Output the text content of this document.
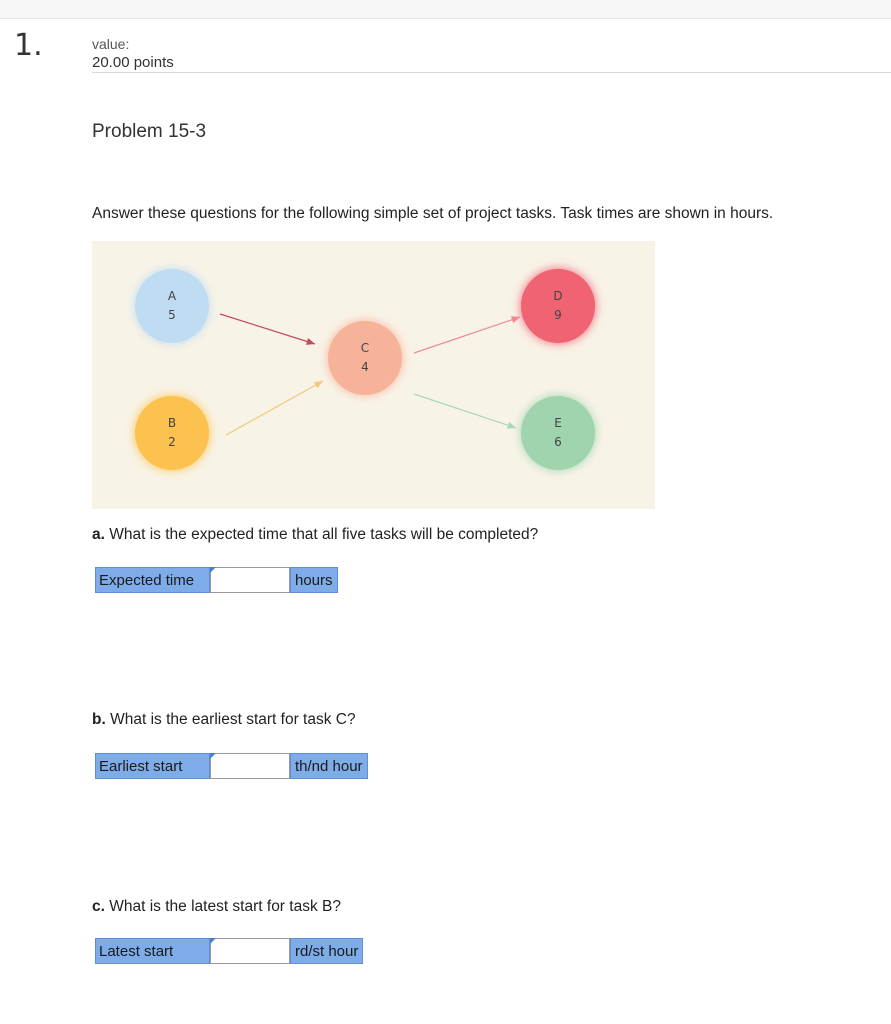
1.	value:
20.00 points
Problem 15-3
Answer these questions for the following simple set of project tasks. Task times are shown in hours.
A
5
B
2
C
4
D
9
E
6
a. What is the expected time that all five tasks will be completed?
Expected time	hours
b. What is the earliest start for task C?
Earliest start	th/nd hour
c. What is the latest start for task B?
Latest start	rd/st hour
